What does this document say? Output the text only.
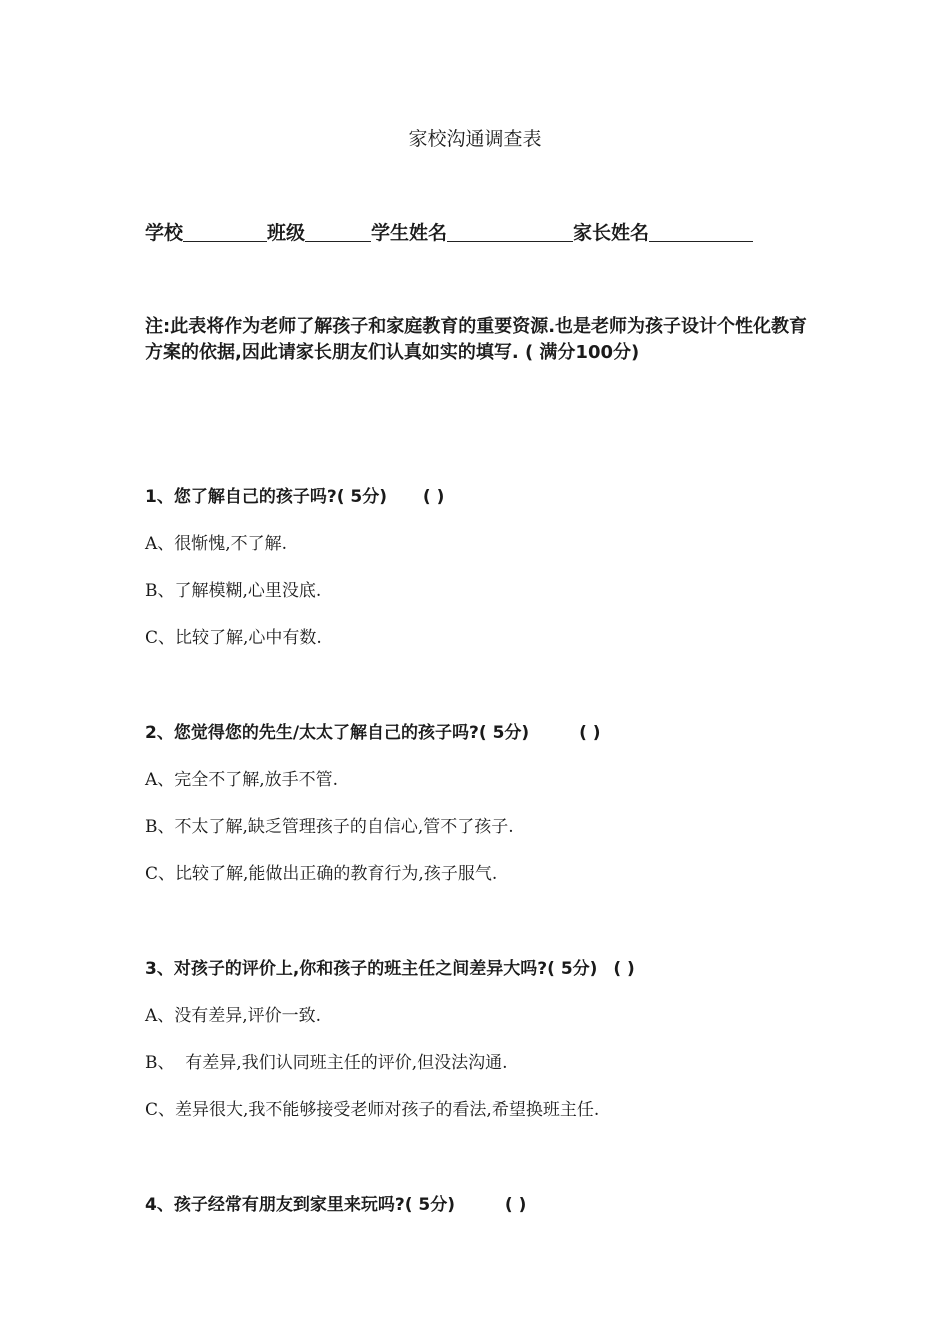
家校沟通调查表
学校	班级	学生姓名	家长姓名
注:此表将作为老师了解孩子和家庭教育的重要资源.也是老师为孩子设计个性化教育方案的依据,因此请家长朋友们认真如实的填写. ( 满分100分)
1、您了解自己的孩子吗?( 5分) ( )
A、很惭愧,不了解.
B、了解模糊,心里没底.
C、比较了解,心中有数.
2、您觉得您的先生/太太了解自己的孩子吗?( 5分)	( )
A、完全不了解,放手不管.
B、不太了解,缺乏管理孩子的自信心,管不了孩子.
C、比较了解,能做出正确的教育行为,孩子服气.
3、对孩子的评价上,你和孩子的班主任之间差异大吗?( 5分) ( )
A、没有差异,评价一致.
B、  有差异,我们认同班主任的评价,但没法沟通.
C、差异很大,我不能够接受老师对孩子的看法,希望换班主任.
4、孩子经常有朋友到家里来玩吗?( 5分)	( )
